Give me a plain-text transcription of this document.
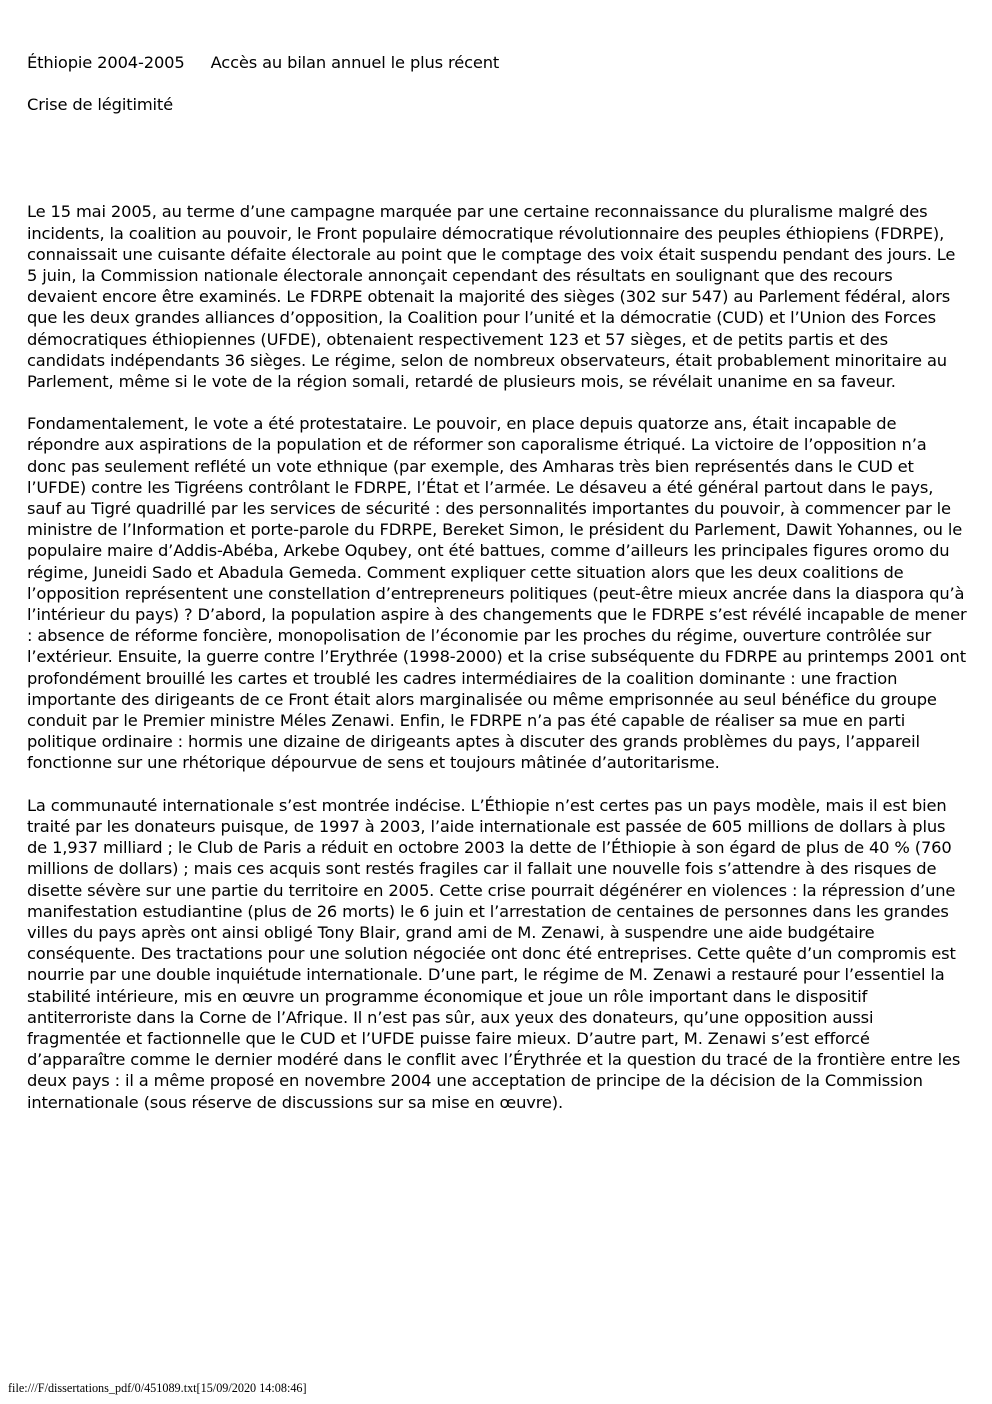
Éthiopie 2004-2005 Accès au bilan annuel le plus récent

Crise de légitimité

Le 15 mai 2005, au terme d’une campagne marquée par une certaine reconnaissance du pluralisme malgré des incidents, la coalition au pouvoir, le Front populaire démocratique révolutionnaire des peuples éthiopiens (FDRPE), connaissait une cuisante défaite électorale au point que le comptage des voix était suspendu pendant des jours. Le 5 juin, la Commission nationale électorale annonçait cependant des résultats en soulignant que des recours devaient encore être examinés. Le FDRPE obtenait la majorité des sièges (302 sur 547) au Parlement fédéral, alors que les deux grandes alliances d’opposition, la Coalition pour l’unité et la démocratie (CUD) et l’Union des Forces démocratiques éthiopiennes (UFDE), obtenaient respectivement 123 et 57 sièges, et de petits partis et des candidats indépendants 36 sièges. Le régime, selon de nombreux observateurs, était probablement minoritaire au Parlement, même si le vote de la région somali, retardé de plusieurs mois, se révélait unanime en sa faveur.

Fondamentalement, le vote a été protestataire. Le pouvoir, en place depuis quatorze ans, était incapable de répondre aux aspirations de la population et de réformer son caporalisme étriqué. La victoire de l’opposition n’a donc pas seulement reflété un vote ethnique (par exemple, des Amharas très bien représentés dans le CUD et l’UFDE) contre les Tigréens contrôlant le FDRPE, l’État et l’armée. Le désaveu a été général partout dans le pays, sauf au Tigré quadrillé par les services de sécurité : des personnalités importantes du pouvoir, à commencer par le ministre de l’Information et porte-parole du FDRPE, Bereket Simon, le président du Parlement, Dawit Yohannes, ou le populaire maire d’Addis-Abéba, Arkebe Oqubey, ont été battues, comme d’ailleurs les principales figures oromo du régime, Juneidi Sado et Abadula Gemeda. Comment expliquer cette situation alors que les deux coalitions de l’opposition représentent une constellation d’entrepreneurs politiques (peut-être mieux ancrée dans la diaspora qu’à l’intérieur du pays) ? D’abord, la population aspire à des changements que le FDRPE s’est révélé incapable de mener : absence de réforme foncière, monopolisation de l’économie par les proches du régime, ouverture contrôlée sur l’extérieur. Ensuite, la guerre contre l’Erythrée (1998-2000) et la crise subséquente du FDRPE au printemps 2001 ont profondément brouillé les cartes et troublé les cadres intermédiaires de la coalition dominante : une fraction importante des dirigeants de ce Front était alors marginalisée ou même emprisonnée au seul bénéfice du groupe conduit par le Premier ministre Méles Zenawi. Enfin, le FDRPE n’a pas été capable de réaliser sa mue en parti politique ordinaire : hormis une dizaine de dirigeants aptes à discuter des grands problèmes du pays, l’appareil fonctionne sur une rhétorique dépourvue de sens et toujours mâtinée d’autoritarisme.

La communauté internationale s’est montrée indécise. L’Éthiopie n’est certes pas un pays modèle, mais il est bien traité par les donateurs puisque, de 1997 à 2003, l’aide internationale est passée de 605 millions de dollars à plus de 1,937 milliard ; le Club de Paris a réduit en octobre 2003 la dette de l’Éthiopie à son égard de plus de 40 % (760 millions de dollars) ; mais ces acquis sont restés fragiles car il fallait une nouvelle fois s’attendre à des risques de disette sévère sur une partie du territoire en 2005. Cette crise pourrait dégénérer en violences : la répression d’une manifestation estudiantine (plus de 26 morts) le 6 juin et l’arrestation de centaines de personnes dans les grandes villes du pays après ont ainsi obligé Tony Blair, grand ami de M. Zenawi, à suspendre une aide budgétaire conséquente. Des tractations pour une solution négociée ont donc été entreprises. Cette quête d’un compromis est nourrie par une double inquiétude internationale. D’une part, le régime de M. Zenawi a restauré pour l’essentiel la stabilité intérieure, mis en œuvre un programme économique et joue un rôle important dans le dispositif antiterroriste dans la Corne de l’Afrique. Il n’est pas sûr, aux yeux des donateurs, qu’une opposition aussi fragmentée et factionnelle que le CUD et l’UFDE puisse faire mieux. D’autre part, M. Zenawi s’est efforcé d’apparaître comme le dernier modéré dans le conflit avec l’Érythrée et la question du tracé de la frontière entre les deux pays : il a même proposé en novembre 2004 une acceptation de principe de la décision de la Commission internationale (sous réserve de discussions sur sa mise en œuvre).

file:///F/dissertations_pdf/0/451089.txt[15/09/2020 14:08:46]
